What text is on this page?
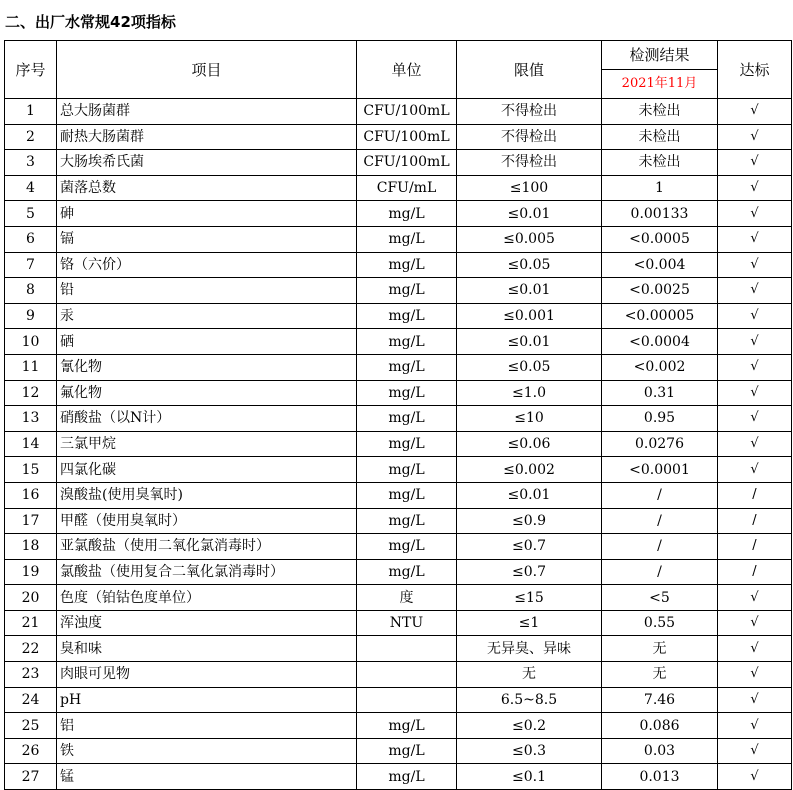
二、出厂水常规42项指标
序号	项目	单位	限值	检测结果	达标
				2021年11月	
1	总大肠菌群	CFU/100mL	不得检出	未检出	√
2	耐热大肠菌群	CFU/100mL	不得检出	未检出	√
3	大肠埃希氏菌	CFU/100mL	不得检出	未检出	√
4	菌落总数	CFU/mL	≤100	1	√
5	砷	mg/L	≤0.01	0.00133	√
6	镉	mg/L	≤0.005	<0.0005	√
7	铬（六价）	mg/L	≤0.05	<0.004	√
8	铅	mg/L	≤0.01	<0.0025	√
9	汞	mg/L	≤0.001	<0.00005	√
10	硒	mg/L	≤0.01	<0.0004	√
11	氰化物	mg/L	≤0.05	<0.002	√
12	氟化物	mg/L	≤1.0	0.31	√
13	硝酸盐（以N计）	mg/L	≤10	0.95	√
14	三氯甲烷	mg/L	≤0.06	0.0276	√
15	四氯化碳	mg/L	≤0.002	<0.0001	√
16	溴酸盐(使用臭氧时)	mg/L	≤0.01	/	/
17	甲醛（使用臭氧时）	mg/L	≤0.9	/	/
18	亚氯酸盐（使用二氧化氯消毒时）	mg/L	≤0.7	/	/
19	氯酸盐（使用复合二氧化氯消毒时）	mg/L	≤0.7	/	/
20	色度（铂钴色度单位）	度	≤15	<5	√
21	浑浊度	NTU	≤1	0.55	√
22	臭和味		无异臭、异味	无	√
23	肉眼可见物		无	无	√
24	pH		6.5~8.5	7.46	√
25	铝	mg/L	≤0.2	0.086	√
26	铁	mg/L	≤0.3	0.03	√
27	锰	mg/L	≤0.1	0.013	√
